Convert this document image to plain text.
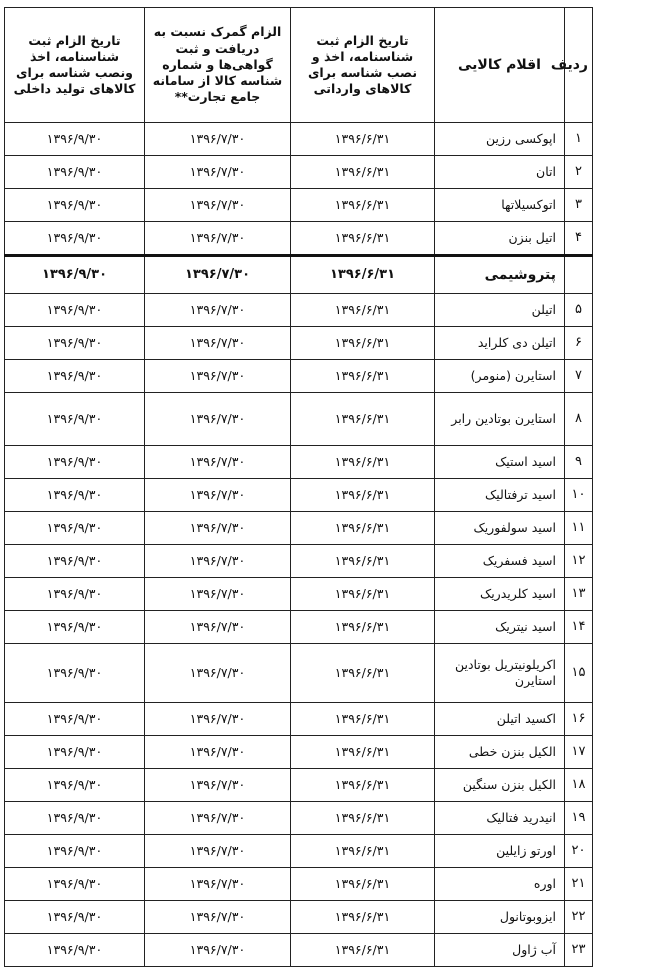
تاریخ الزام ثبت شناسنامه، اخذ ونصب شناسه برای کالاهای تولید داخلی	الزام گمرک نسبت به دریافت و ثبت گواهی‌ها و شماره شناسه کالا از سامانه جامع تجارت**	تاریخ الزام ثبت شناسنامه، اخذ و نصب شناسه برای کالاهای وارداتی	اقلام کالایی	ردیف
۱۳۹۶/۹/۳۰	۱۳۹۶/۷/۳۰	۱۳۹۶/۶/۳۱	اپوکسی رزین	۱
۱۳۹۶/۹/۳۰	۱۳۹۶/۷/۳۰	۱۳۹۶/۶/۳۱	اتان	۲
۱۳۹۶/۹/۳۰	۱۳۹۶/۷/۳۰	۱۳۹۶/۶/۳۱	اتوکسیلاتها	۳
۱۳۹۶/۹/۳۰	۱۳۹۶/۷/۳۰	۱۳۹۶/۶/۳۱	اتیل بنزن	۴
۱۳۹۶/۹/۳۰	۱۳۹۶/۷/۳۰	۱۳۹۶/۶/۳۱	پتروشیمی	
۱۳۹۶/۹/۳۰	۱۳۹۶/۷/۳۰	۱۳۹۶/۶/۳۱	اتیلن	۵
۱۳۹۶/۹/۳۰	۱۳۹۶/۷/۳۰	۱۳۹۶/۶/۳۱	اتیلن دی کلراید	۶
۱۳۹۶/۹/۳۰	۱۳۹۶/۷/۳۰	۱۳۹۶/۶/۳۱	استایرن (منومر)	۷
۱۳۹۶/۹/۳۰	۱۳۹۶/۷/۳۰	۱۳۹۶/۶/۳۱	استایرن بوتادین رابر	۸
۱۳۹۶/۹/۳۰	۱۳۹۶/۷/۳۰	۱۳۹۶/۶/۳۱	اسید استیک	۹
۱۳۹۶/۹/۳۰	۱۳۹۶/۷/۳۰	۱۳۹۶/۶/۳۱	اسید ترفتالیک	۱۰
۱۳۹۶/۹/۳۰	۱۳۹۶/۷/۳۰	۱۳۹۶/۶/۳۱	اسید سولفوریک	۱۱
۱۳۹۶/۹/۳۰	۱۳۹۶/۷/۳۰	۱۳۹۶/۶/۳۱	اسید فسفریک	۱۲
۱۳۹۶/۹/۳۰	۱۳۹۶/۷/۳۰	۱۳۹۶/۶/۳۱	اسید کلریدریک	۱۳
۱۳۹۶/۹/۳۰	۱۳۹۶/۷/۳۰	۱۳۹۶/۶/۳۱	اسید نیتریک	۱۴
۱۳۹۶/۹/۳۰	۱۳۹۶/۷/۳۰	۱۳۹۶/۶/۳۱	اکریلونیتریل بوتادین استایرن	۱۵
۱۳۹۶/۹/۳۰	۱۳۹۶/۷/۳۰	۱۳۹۶/۶/۳۱	اکسید اتیلن	۱۶
۱۳۹۶/۹/۳۰	۱۳۹۶/۷/۳۰	۱۳۹۶/۶/۳۱	الکیل بنزن خطی	۱۷
۱۳۹۶/۹/۳۰	۱۳۹۶/۷/۳۰	۱۳۹۶/۶/۳۱	الکیل بنزن سنگین	۱۸
۱۳۹۶/۹/۳۰	۱۳۹۶/۷/۳۰	۱۳۹۶/۶/۳۱	انیدرید فتالیک	۱۹
۱۳۹۶/۹/۳۰	۱۳۹۶/۷/۳۰	۱۳۹۶/۶/۳۱	اورتو زایلین	۲۰
۱۳۹۶/۹/۳۰	۱۳۹۶/۷/۳۰	۱۳۹۶/۶/۳۱	اوره	۲۱
۱۳۹۶/۹/۳۰	۱۳۹۶/۷/۳۰	۱۳۹۶/۶/۳۱	ایزوبوتانول	۲۲
۱۳۹۶/۹/۳۰	۱۳۹۶/۷/۳۰	۱۳۹۶/۶/۳۱	آب ژاول	۲۳
